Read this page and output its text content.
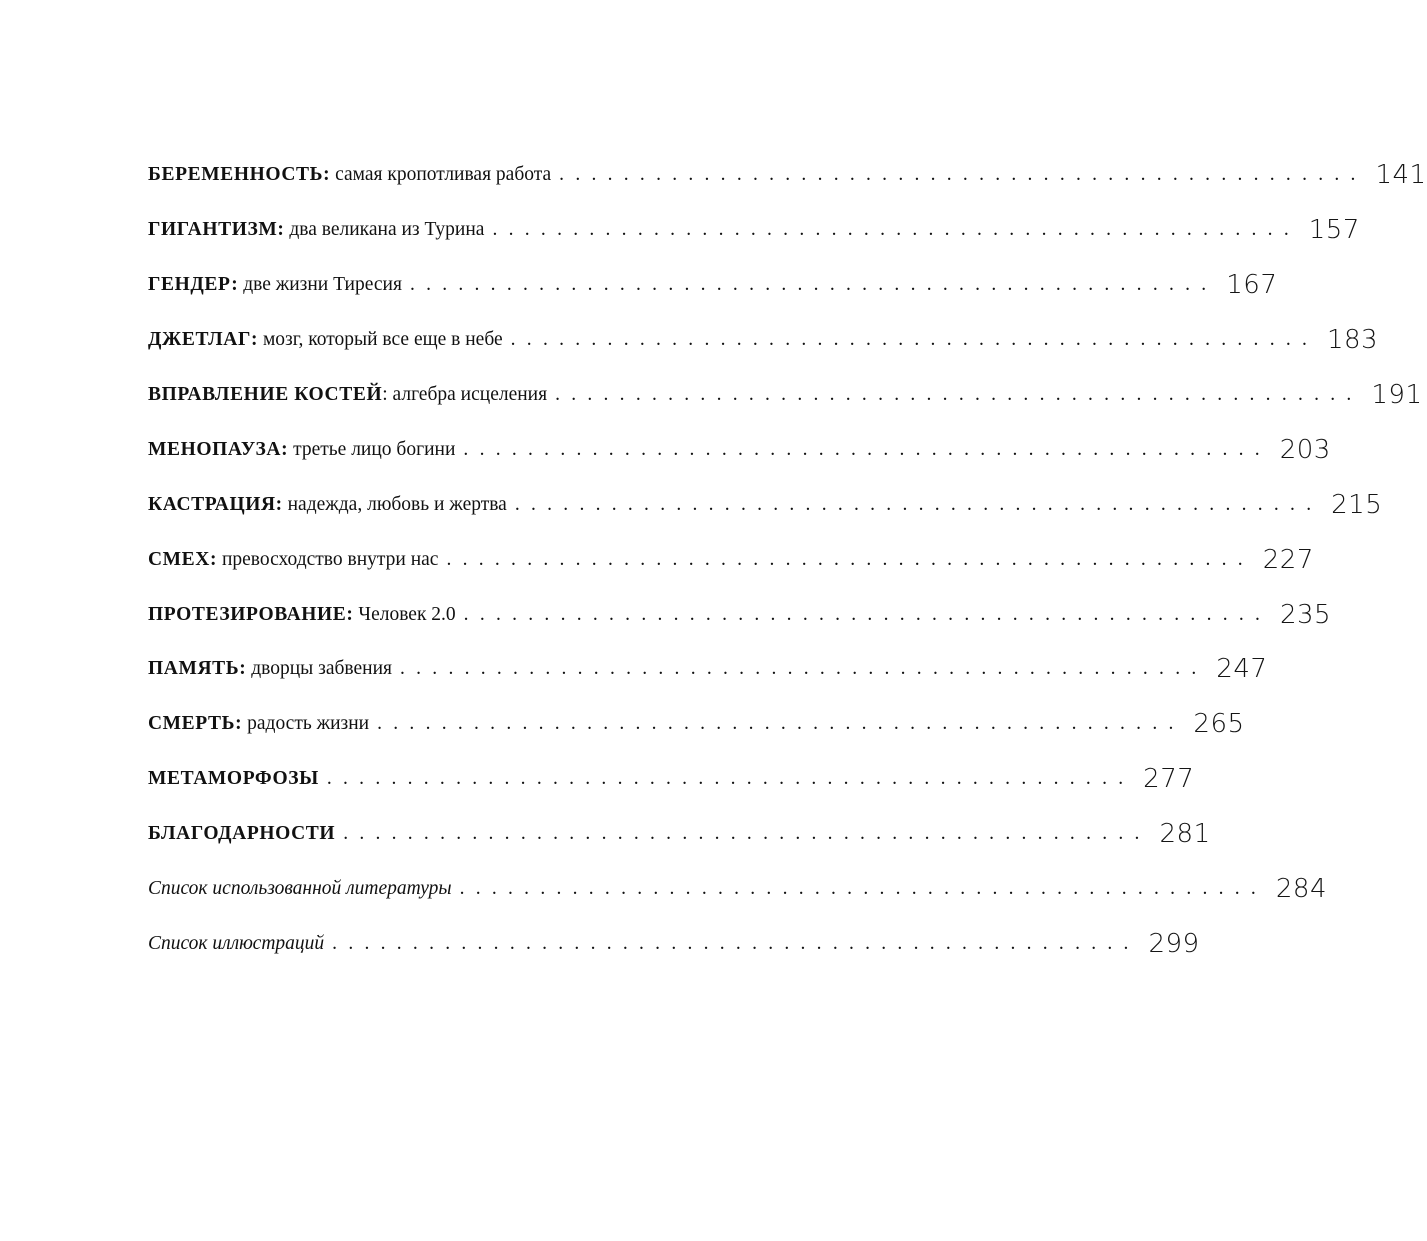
БЕРЕМЕННОСТЬ: самая кропотливая работа . . . . . . . . . . . . . . . . . . . . . . . . . . . . . . . . . . . . . . . . . . . . . . . . . . 141
ГИГАНТИЗМ: два великана из Турина . . . . . . . . . . . . . . . . . . . . . . . . . . . . . . . . . . . . . . . . . . . . . . . . . . 157
ГЕНДЕР: две жизни Тиресия . . . . . . . . . . . . . . . . . . . . . . . . . . . . . . . . . . . . . . . . . . . . . . . . . . 167
ДЖЕТЛАГ: мозг, который все еще в небе . . . . . . . . . . . . . . . . . . . . . . . . . . . . . . . . . . . . . . . . . . . . . . . . . . 183
ВПРАВЛЕНИЕ КОСТЕЙ: алгебра исцеления . . . . . . . . . . . . . . . . . . . . . . . . . . . . . . . . . . . . . . . . . . . . . . . . . . 191
МЕНОПАУЗА: третье лицо богини . . . . . . . . . . . . . . . . . . . . . . . . . . . . . . . . . . . . . . . . . . . . . . . . . . 203
КАСТРАЦИЯ: надежда, любовь и жертва . . . . . . . . . . . . . . . . . . . . . . . . . . . . . . . . . . . . . . . . . . . . . . . . . . 215
СМЕХ: превосходство внутри нас . . . . . . . . . . . . . . . . . . . . . . . . . . . . . . . . . . . . . . . . . . . . . . . . . . 227
ПРОТЕЗИРОВАНИЕ: Человек 2.0 . . . . . . . . . . . . . . . . . . . . . . . . . . . . . . . . . . . . . . . . . . . . . . . . . . 235
ПАМЯТЬ: дворцы забвения . . . . . . . . . . . . . . . . . . . . . . . . . . . . . . . . . . . . . . . . . . . . . . . . . . 247
СМЕРТЬ: радость жизни . . . . . . . . . . . . . . . . . . . . . . . . . . . . . . . . . . . . . . . . . . . . . . . . . . 265
МЕТАМОРФОЗЫ . . . . . . . . . . . . . . . . . . . . . . . . . . . . . . . . . . . . . . . . . . . . . . . . . . 277
БЛАГОДАРНОСТИ . . . . . . . . . . . . . . . . . . . . . . . . . . . . . . . . . . . . . . . . . . . . . . . . . . 281
Список использованной литературы . . . . . . . . . . . . . . . . . . . . . . . . . . . . . . . . . . . . . . . . . . . . . . . . . . 284
Список иллюстраций . . . . . . . . . . . . . . . . . . . . . . . . . . . . . . . . . . . . . . . . . . . . . . . . . . 299
